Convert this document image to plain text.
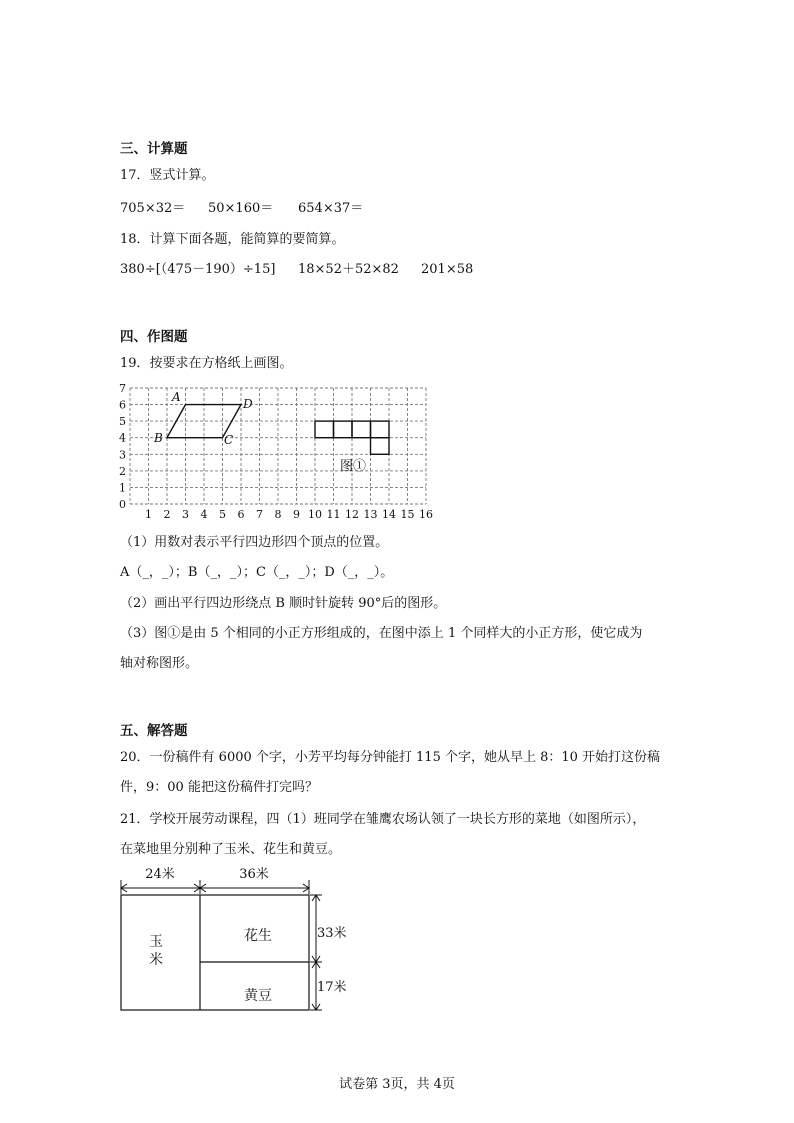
三、计算题
17．竖式计算。
705×32＝ 50×160＝ 654×37＝
18．计算下面各题，能简算的要简算。
380÷[（475－190）÷15] 18×52＋52×82 201×58
四、作图题
19．按要求在方格纸上画图。
0
1
2
3
4
5
6
7
1 2 3 4 5 6 7 8 9 10 11 12 13 14 15 16
A	D
B	C
图①
（1）用数对表示平行四边形四个顶点的位置。
A（_，_）；B（_，_）；C（_，_）；D（_，_）。
（2）画出平行四边形绕点 B 顺时针旋转 90°后的图形。
（3）图①是由 5 个相同的小正方形组成的，在图中添上 1 个同样大的小正方形，使它成为
轴对称图形。
五、解答题
20．一份稿件有 6000 个字，小芳平均每分钟能打 115 个字，她从早上 8：10 开始打这份稿
件，9：00 能把这份稿件打完吗？
21．学校开展劳动课程，四（1）班同学在雏鹰农场认领了一块长方形的菜地（如图所示），
在菜地里分别种了玉米、花生和黄豆。
24米	36米
玉
米
花生
黄豆
33米
17米
试卷第 3页，共 4页
